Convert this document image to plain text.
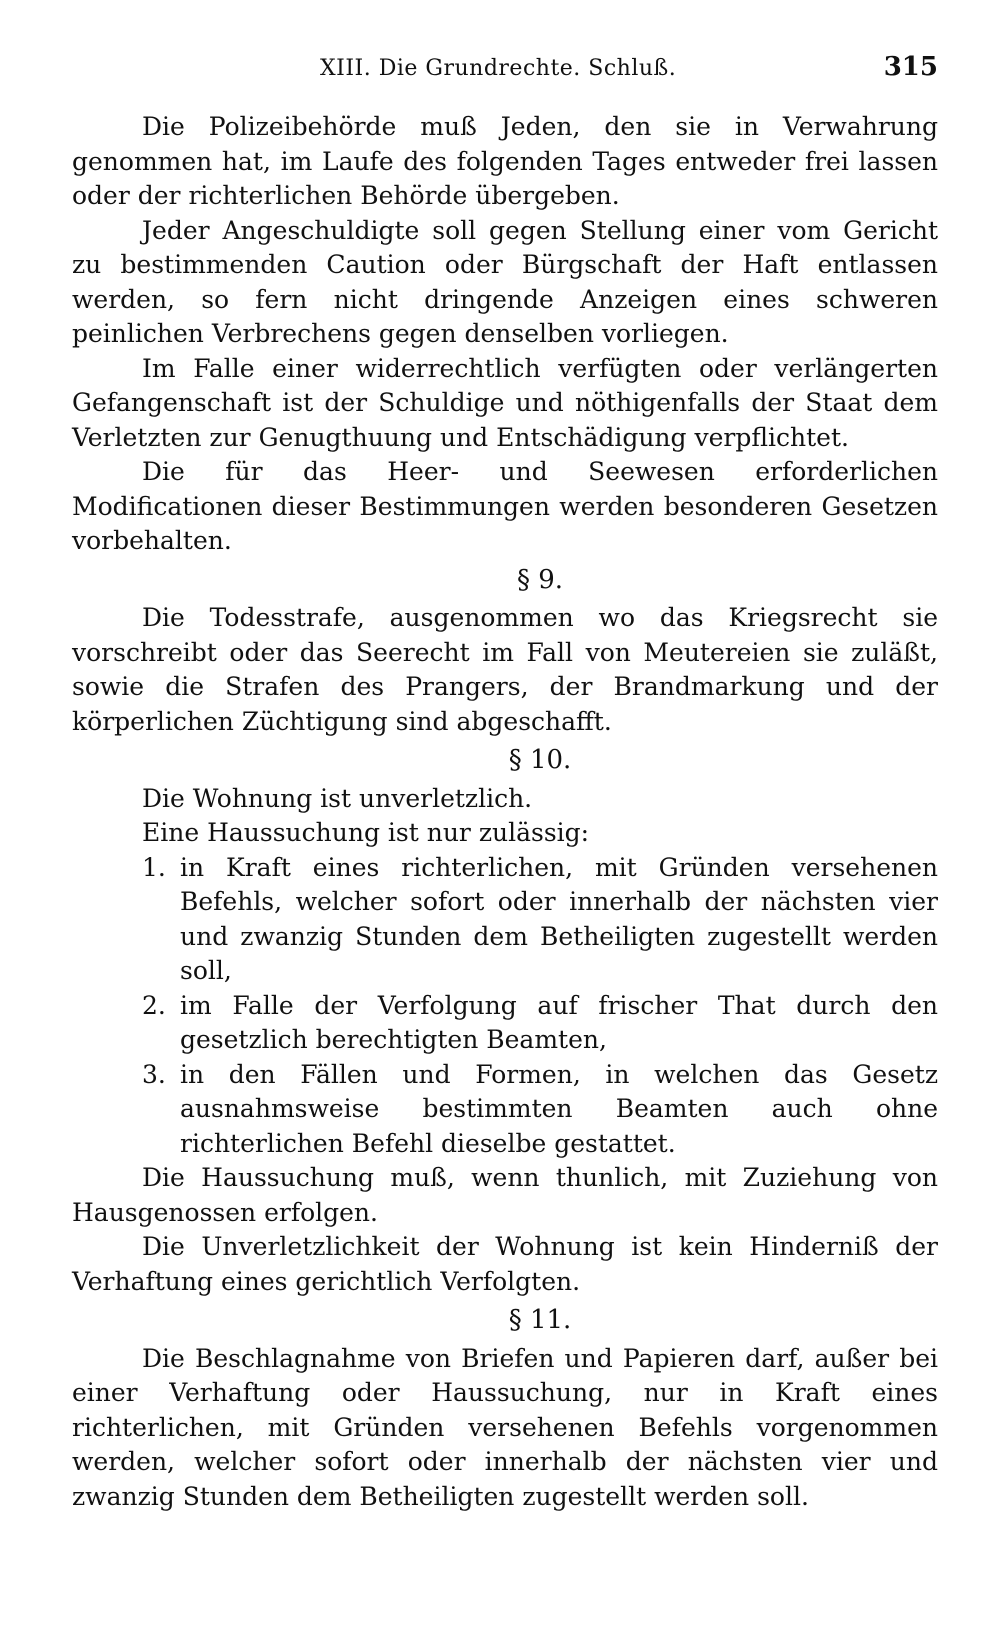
XIII. Die Grundrechte. Schluß.	315

Die Polizeibehörde muß Jeden, den sie in Verwahrung genommen hat, im Laufe des folgenden Tages entweder frei lassen oder der richterlichen Behörde übergeben.

Jeder Angeschuldigte soll gegen Stellung einer vom Gericht zu bestimmenden Caution oder Bürgschaft der Haft entlassen werden, so fern nicht dringende Anzeigen eines schweren peinlichen Verbrechens gegen denselben vorliegen.

Im Falle einer widerrechtlich verfügten oder verlängerten Gefangenschaft ist der Schuldige und nöthigenfalls der Staat dem Verletzten zur Genugthuung und Entschädigung verpflichtet.

Die für das Heer- und Seewesen erforderlichen Modificationen dieser Bestimmungen werden besonderen Gesetzen vorbehalten.

§ 9.

Die Todesstrafe, ausgenommen wo das Kriegsrecht sie vorschreibt oder das Seerecht im Fall von Meutereien sie zuläßt, sowie die Strafen des Prangers, der Brandmarkung und der körperlichen Züchtigung sind abgeschafft.

§ 10.

Die Wohnung ist unverletzlich.

Eine Haussuchung ist nur zulässig:

1. in Kraft eines richterlichen, mit Gründen versehenen Befehls, welcher sofort oder innerhalb der nächsten vier und zwanzig Stunden dem Betheiligten zugestellt werden soll,
2. im Falle der Verfolgung auf frischer That durch den gesetzlich berechtigten Beamten,
3. in den Fällen und Formen, in welchen das Gesetz ausnahmsweise bestimmten Beamten auch ohne richterlichen Befehl dieselbe gestattet.

Die Haussuchung muß, wenn thunlich, mit Zuziehung von Hausgenossen erfolgen.

Die Unverletzlichkeit der Wohnung ist kein Hinderniß der Verhaftung eines gerichtlich Verfolgten.

§ 11.

Die Beschlagnahme von Briefen und Papieren darf, außer bei einer Verhaftung oder Haussuchung, nur in Kraft eines richterlichen, mit Gründen versehenen Befehls vorgenommen werden, welcher sofort oder innerhalb der nächsten vier und zwanzig Stunden dem Betheiligten zugestellt werden soll.
